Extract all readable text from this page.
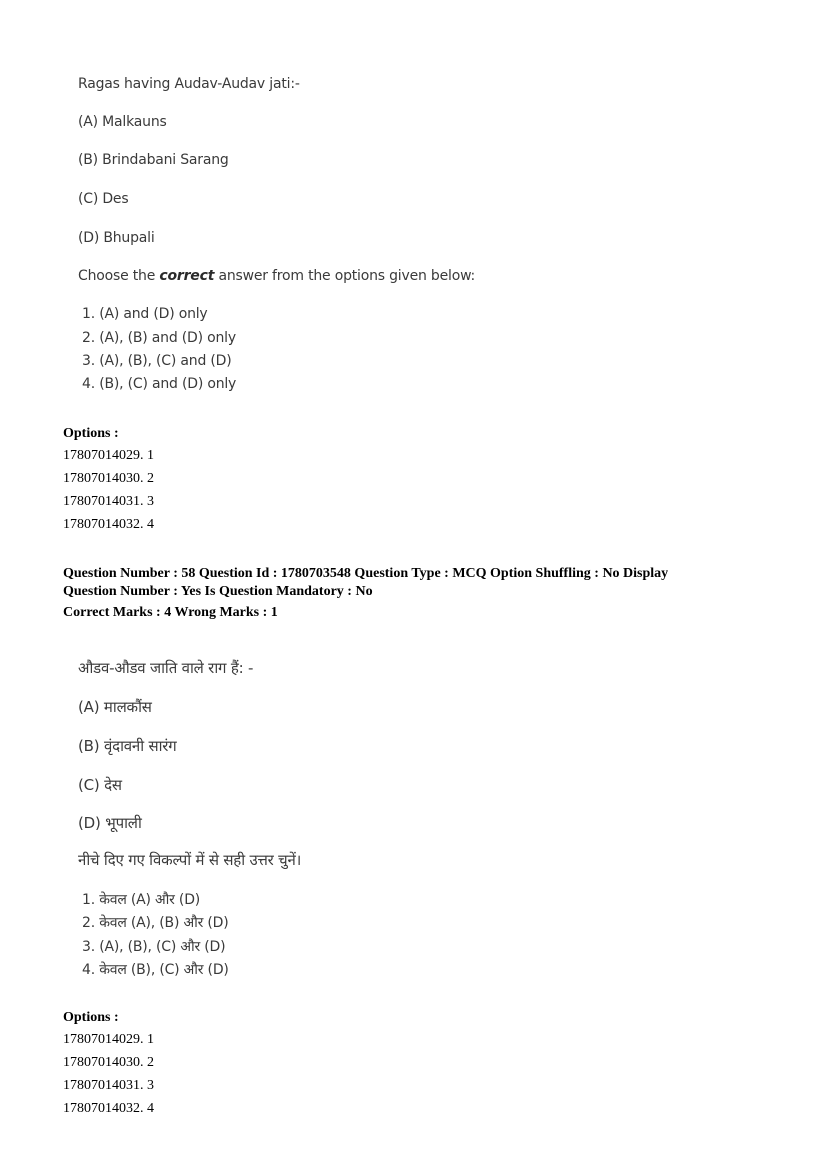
Ragas having Audav-Audav jati:-
(A) Malkauns
(B) Brindabani Sarang
(C) Des
(D) Bhupali
Choose the correct answer from the options given below:
1. (A) and (D) only
2. (A), (B) and (D) only
3. (A), (B), (C) and (D)
4. (B), (C) and (D) only
Options :
17807014029. 1
17807014030. 2
17807014031. 3
17807014032. 4
Question Number : 58 Question Id : 1780703548 Question Type : MCQ Option Shuffling : No Display
Question Number : Yes Is Question Mandatory : No
Correct Marks : 4 Wrong Marks : 1
औडव-औडव जाति वाले राग हैं: -
(A) मालकौंस
(B) वृंदावनी सारंग
(C) देस
(D) भूपाली
नीचे दिए गए विकल्पों में से सही उत्तर चुनें।
1. केवल (A) और (D)
2. केवल (A), (B) और (D)
3. (A), (B), (C) और (D)
4. केवल (B), (C) और (D)
Options :
17807014029. 1
17807014030. 2
17807014031. 3
17807014032. 4
